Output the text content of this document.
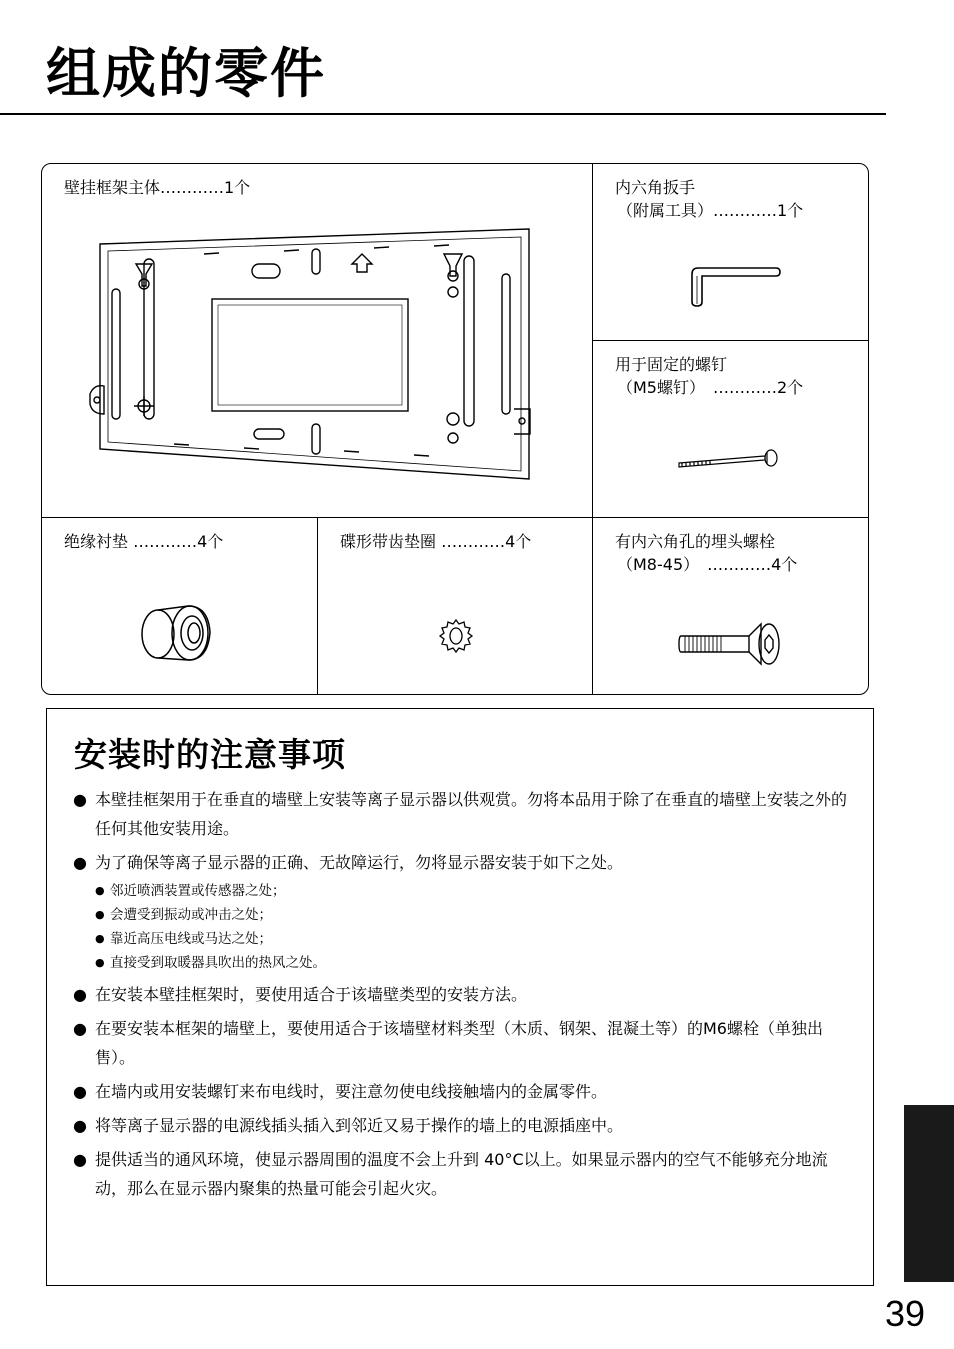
组成的零件
壁挂框架主体…………1个	内六角扳手
（附属工具）…………1个
用于固定的螺钉
（M5螺钉）　…………2个
绝缘衬垫 …………4个	碟形带齿垫圈 …………4个	有内六角孔的埋头螺栓
（M8-45）　…………4个
安装时的注意事项
● 本壁挂框架用于在垂直的墙壁上安装等离子显示器以供观赏。勿将本品用于除了在垂直的墙壁上安装之外的任何其他安装用途。
● 为了确保等离子显示器的正确、无故障运行，勿将显示器安装于如下之处。
● 邻近喷洒装置或传感器之处；
● 会遭受到振动或冲击之处；
● 靠近高压电线或马达之处；
● 直接受到取暖器具吹出的热风之处。
● 在安装本壁挂框架时，要使用适合于该墙壁类型的安装方法。
● 在要安装本框架的墙壁上，要使用适合于该墙壁材料类型（木质、钢架、混凝土等）的M6螺栓（单独出售）。
● 在墙内或用安装螺钉来布电线时，要注意勿使电线接触墙内的金属零件。
● 将等离子显示器的电源线插头插入到邻近又易于操作的墙上的电源插座中。
● 提供适当的通风环境，使显示器周围的温度不会上升到 40°C以上。如果显示器内的空气不能够充分地流动，那么在显示器内聚集的热量可能会引起火灾。
39
